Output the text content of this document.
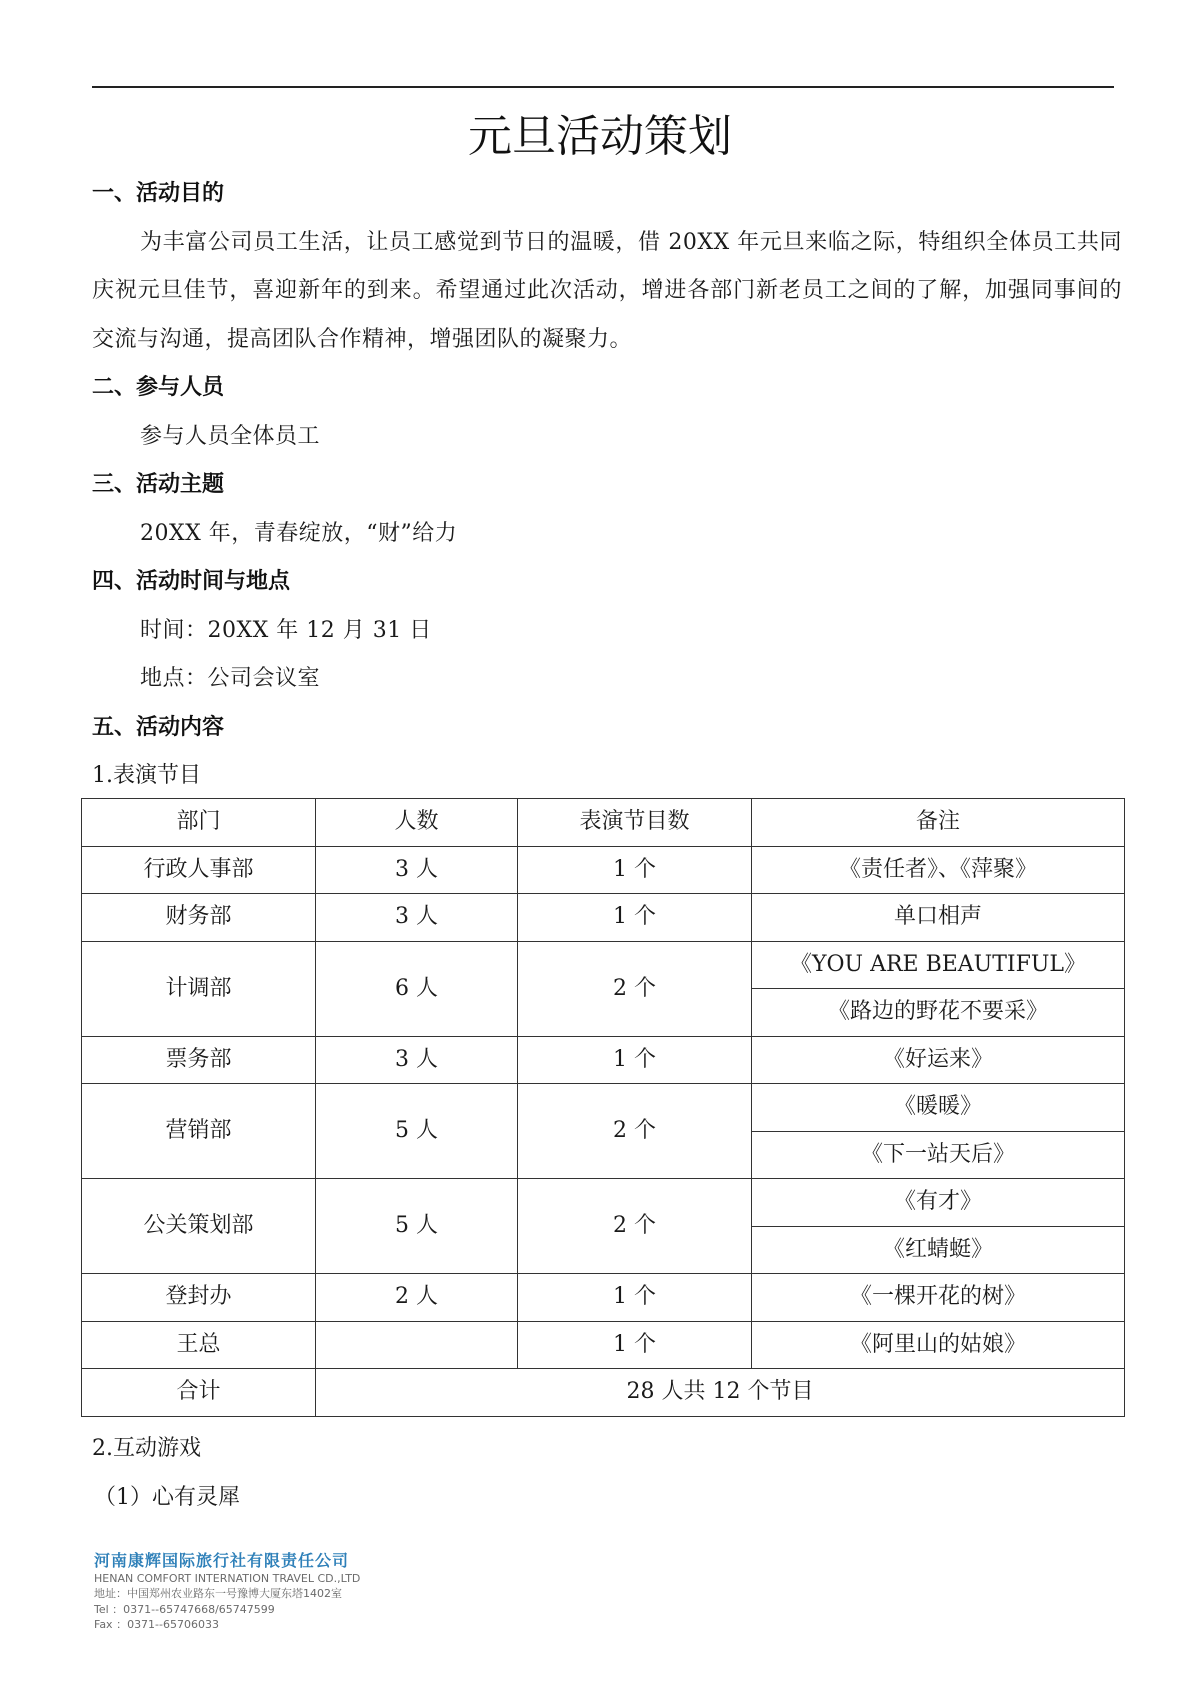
元旦活动策划
一、活动目的

为丰富公司员工生活，让员工感觉到节日的温暖，借 20XX 年元旦来临之际，特组织全体员工共同庆祝元旦佳节，喜迎新年的到来。希望通过此次活动，增进各部门新老员工之间的了解，加强同事间的交流与沟通，提高团队合作精神，增强团队的凝聚力。

二、参与人员

参与人员全体员工

三、活动主题

20XX 年，青春绽放，“财”给力

四、活动时间与地点

时间：20XX 年 12 月 31 日

地点：公司会议室

五、活动内容
1.表演节目
部门	人数	表演节目数	备注
行政人事部	3 人	1 个	《责任者》、《萍聚》
财务部	3 人	1 个	单口相声
计调部	6 人	2 个	《YOU ARE BEAUTIFUL》
			《路边的野花不要采》
票务部	3 人	1 个	《好运来》
营销部	5 人	2 个	《暖暖》
			《下一站天后》
公关策划部	5 人	2 个	《有才》
			《红蜻蜓》
登封办	2 人	1 个	《一棵开花的树》
王总		1 个	《阿里山的姑娘》
合计	28 人共 12 个节目		
2.互动游戏
（1）心有灵犀
河南康辉国际旅行社有限责任公司
HENAN COMFORT INTERNATION TRAVEL CD.,LTD
地址：中国郑州农业路东一号豫博大厦东塔1402室
Tel ：0371--65747668/65747599
Fax ：0371--65706033
